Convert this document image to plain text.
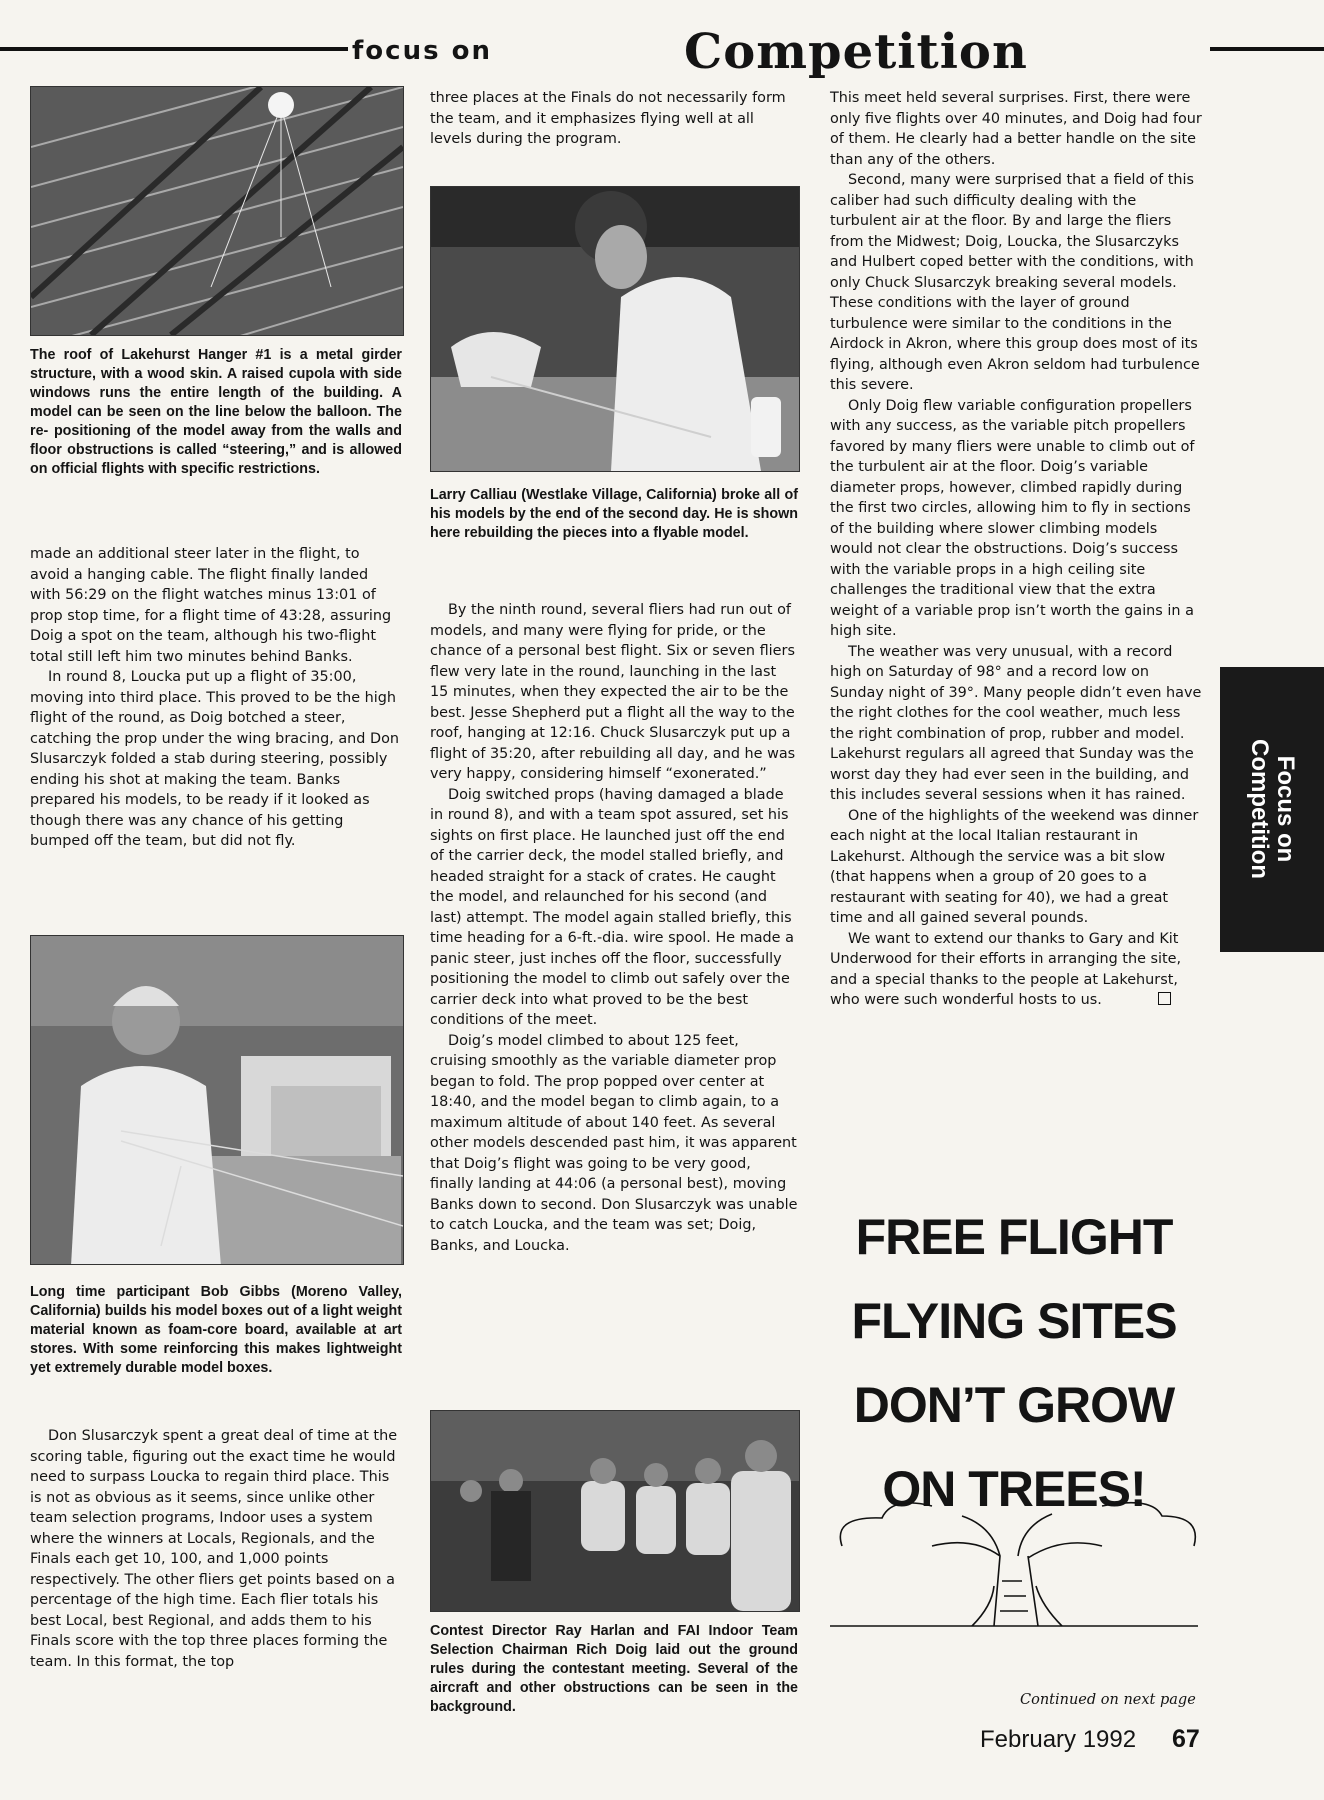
focus on	Competition
The roof of Lakehurst Hanger #1 is a metal girder structure, with a wood skin. A raised cupola with side windows runs the entire length of the building. A model can be seen on the line below the balloon. The re- positioning of the model away from the walls and floor obstructions is called “steering,” and is allowed on official flights with specific restrictions.

made an additional steer later in the flight, to avoid a hanging cable. The flight finally landed with 56:29 on the flight watches minus 13:01 of prop stop time, for a flight time of 43:28, assuring Doig a spot on the team, although his two-flight total still left him two minutes behind Banks.

In round 8, Loucka put up a flight of 35:00, moving into third place. This proved to be the high flight of the round, as Doig botched a steer, catching the prop under the wing bracing, and Don Slusarczyk folded a stab during steering, possibly ending his shot at making the team. Banks prepared his models, to be ready if it looked as though there was any chance of his getting bumped off the team, but did not fly.

Long time participant Bob Gibbs (Moreno Valley, California) builds his model boxes out of a light weight material known as foam-core board, available at art stores. With some reinforcing this makes lightweight yet extremely durable model boxes.

Don Slusarczyk spent a great deal of time at the scoring table, figuring out the exact time he would need to surpass Loucka to regain third place. This is not as obvious as it seems, since unlike other team selection programs, Indoor uses a system where the winners at Locals, Regionals, and the Finals each get 10, 100, and 1,000 points respectively. The other fliers get points based on a percentage of the high time. Each flier totals his best Local, best Regional, and adds them to his Finals score with the top three places forming the team. In this format, the top

three places at the Finals do not necessarily form the team, and it emphasizes flying well at all levels during the program.

Larry Calliau (Westlake Village, California) broke all of his models by the end of the second day. He is shown here rebuilding the pieces into a flyable model.

By the ninth round, several fliers had run out of models, and many were flying for pride, or the chance of a personal best flight. Six or seven fliers flew very late in the round, launching in the last 15 minutes, when they expected the air to be the best. Jesse Shepherd put a flight all the way to the roof, hanging at 12:16. Chuck Slusarczyk put up a flight of 35:20, after rebuilding all day, and he was very happy, considering himself “exonerated.”

Doig switched props (having damaged a blade in round 8), and with a team spot assured, set his sights on first place. He launched just off the end of the carrier deck, the model stalled briefly, and headed straight for a stack of crates. He caught the model, and relaunched for his second (and last) attempt. The model again stalled briefly, this time heading for a 6-ft.-dia. wire spool. He made a panic steer, just inches off the floor, successfully positioning the model to climb out safely over the carrier deck into what proved to be the best conditions of the meet.

Doig’s model climbed to about 125 feet, cruising smoothly as the variable diameter prop began to fold. The prop popped over center at 18:40, and the model began to climb again, to a maximum altitude of about 140 feet. As several other models descended past him, it was apparent that Doig’s flight was going to be very good, finally landing at 44:06 (a personal best), moving Banks down to second. Don Slusarczyk was unable to catch Loucka, and the team was set; Doig, Banks, and Loucka.

Contest Director Ray Harlan and FAI Indoor Team Selection Chairman Rich Doig laid out the ground rules during the contestant meeting. Several of the aircraft and other obstructions can be seen in the background.

This meet held several surprises. First, there were only five flights over 40 minutes, and Doig had four of them. He clearly had a better handle on the site than any of the others.

Second, many were surprised that a field of this caliber had such difficulty dealing with the turbulent air at the floor. By and large the fliers from the Midwest; Doig, Loucka, the Slusarczyks and Hulbert coped better with the conditions, with only Chuck Slusarczyk breaking several models. These conditions with the layer of ground turbulence were similar to the conditions in the Airdock in Akron, where this group does most of its flying, although even Akron seldom had turbulence this severe.

Only Doig flew variable configuration propellers with any success, as the variable pitch propellers favored by many fliers were unable to climb out of the turbulent air at the floor. Doig’s variable diameter props, however, climbed rapidly during the first two circles, allowing him to fly in sections of the building where slower climbing models would not clear the obstructions. Doig’s success with the variable props in a high ceiling site challenges the traditional view that the extra weight of a variable prop isn’t worth the gains in a high site.

The weather was very unusual, with a record high on Saturday of 98° and a record low on Sunday night of 39°. Many people didn’t even have the right clothes for the cool weather, much less the right combination of prop, rubber and model. Lakehurst regulars all agreed that Sunday was the worst day they had ever seen in the building, and this includes several sessions when it has rained.

One of the highlights of the weekend was dinner each night at the local Italian restaurant in Lakehurst. Although the service was a bit slow (that happens when a group of 20 goes to a restaurant with seating for 40), we had a great time and all gained several pounds.

We want to extend our thanks to Gary and Kit Underwood for their efforts in arranging the site, and a special thanks to the people at Lakehurst, who were such wonderful hosts to us.

Focus on
Competition
FREE FLIGHT
FLYING SITES
DON’T GROW
ON TREES!
Continued on next page
February 1992 67
